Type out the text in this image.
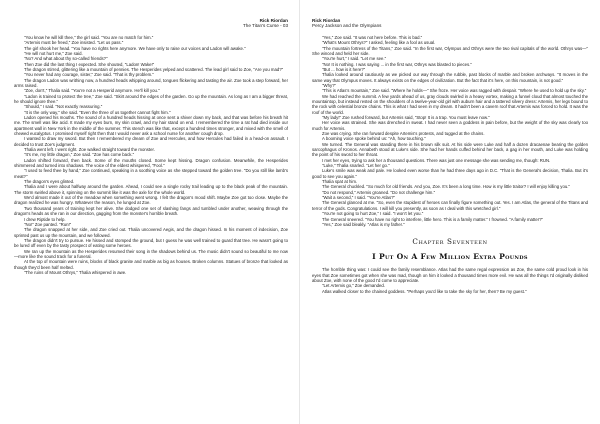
Rick Riordan
The Titan's Curse - 03

"You know he will kill thee," the girl said. "You are no match for him."

"Artemis must be freed," Zoe insisted. "Let us pass."

The girl shook her head. "You have no rights here anymore. We have only to raise our voices and Ladon will awake."

"He will not hurt me," Zoe said.

"No? And what about thy so-called friends?"

Then Zoe did the last thing I expected. She shouted, "Ladon! Wake!"

The dragon stirred, glittering like a mountain of pennies. The Hesperides yelped and scattered. The lead girl said to Zoe, "Are you mad?"

"You never had any courage, sister," Zoe said. "That is thy problem."

The dragon Ladon was writhing now, a hundred heads whipping around, tongues flickering and tasting the air. Zoe took a step forward, her arms raised.

"Zoe, don't," Thalia said. "You're not a Hesperid anymore. He'll kill you."

"Ladon is trained to protect the tree," Zoe said. "Skirt around the edges of the garden. Go up the mountain. As long as I am a bigger threat, he should ignore thee."

"Should," I said. "Not exactly reassuring."

"It is the only way," she said. "Even the three of us together cannot fight him."

Ladon opened his mouths. The sound of a hundred heads hissing at once sent a shiver down my back, and that was before his breath hit me. The smell was like acid. It made my eyes burn, my skin crawl, and my hair stand on end. I remembered the time a rat had died inside our apartment wall in New York in the middle of the summer. This stench was like that, except a hundred times stronger, and mixed with the smell of chewed eucalyptus. I promised myself right then that I would never ask a school nurse for another cough drop.

I wanted to draw my sword. But then I remembered my dream of Zoe and Hercules, and how Hercules had failed in a head-on assault. I decided to trust Zoe's judgment.

Thalia went left. I went right. Zoe walked straight toward the monster.

"It's me, my little dragon," Zoe said. "Zoe has come back."

Ladon shifted forward, then back. Some of the mouths closed. Some kept hissing. Dragon confusion. Meanwhile, the Hesperides shimmered and turned into shadows. The voice of the eldest whispered, "Fool."

"I used to feed thee by hand," Zoe continued, speaking in a soothing voice as she stepped toward the golden tree. "Do you still like lamb's meat?"

The dragon's eyes glinted.

Thalia and I were about halfway around the garden. Ahead, I could see a single rocky trail leading up to the black peak of the mountain. The storm swirled above it, spinning on the summit like it was the axle for the whole world.

We'd almost made it out of the meadow when something went wrong. I felt the dragon's mood shift. Maybe Zoe got too close. Maybe the dragon realized he was hungry. Whatever the reason, he lunged at Zoe.

Two thousand years of training kept her alive. She dodged one set of slashing fangs and tumbled under another, weaving through the dragon's heads as she ran in our direction, gagging from the monster's horrible breath.

I drew Riptide to help.

"No!" Zoe panted. "Run!"

The dragon snapped at her side, and Zoe cried out. Thalia uncovered Aegis, and the dragon hissed. In his moment of indecision, Zoe sprinted past us up the mountain, and we followed.

The dragon didn't try to pursue. He hissed and stomped the ground, but I guess he was well trained to guard that tree. He wasn't going to be lured off even by the tasty prospect of eating some heroes.

We ran up the mountain as the Hesperides resumed their song in the shadows behind us. The music didn't sound so beautiful to me now—more like the sound track for a funeral.

At the top of mountain were ruins, blocks of black granite and marble as big as houses. Broken columns. Statues of bronze that looked as though they'd been half melted.

"The ruins of Mount Othrys," Thalia whispered in awe.

Rick Riordan
Percy Jackson and the Olympians

"Yes," Zoe said. "It was not here before. This is bad."

"What's Mount Othrys?" I asked, feeling like a fool as usual.

"The mountain fortress of the Titans," Zoe said. "In the first war, Olympus and Othrys were the two rival capitals of the world. Othrys was—" She winced and held her side.

"You're hurt," I said. "Let me see."

"No! It is nothing. I was saying ... in the first war, Othrys was blasted to pieces."

"But ... how is it here?"

Thalia looked around cautiously as we picked our way through the rubble, past blocks of marble and broken archways. "It moves in the same way that Olympus moves. It always exists on the edges of civilization. But the fact that it's here, on this mountain, is not good."

"Why?"

"This is Atlas's mountain," Zoe said. "Where he holds—" She froze. Her voice was ragged with despair. "Where he used to hold up the sky."

We had reached the summit. A few yards ahead of us, gray clouds swirled in a heavy vortex, making a funnel cloud that almost touched the mountaintop, but instead rested on the shoulders of a twelve-year-old girl with auburn hair and a tattered silvery dress: Artemis, her legs bound to the rock with celestial bronze chains. This is what I had seen in my dream. It hadn't been a cavern roof that Artemis was forced to hold. It was the roof of the world.

"My lady!" Zoe rushed forward, but Artemis said, "Stop! It is a trap. You must leave now."

Her voice was strained. She was drenched in sweat. I had never seen a goddess in pain before, but the weight of the sky was clearly too much for Artemis.

Zoe was crying. She ran forward despite Artemis's protests, and tugged at the chains.

A booming voice spoke behind us: "Ah, how touching."

We turned. The General was standing there in his brown silk suit. At his side were Luke and half a dozen dracaenae bearing the golden sarcophagus of Kronos. Annabeth stood at Luke's side. She had her hands cuffed behind her back, a gag in her mouth, and Luke was holding the point of his sword to her throat.

I met her eyes, trying to ask her a thousand questions. There was just one message she was sending me, though: RUN.

"Luke," Thalia snarled. "Let her go."

Luke's smile was weak and pale. He looked even worse than he had three days ago in D.C. "That is the General's decision, Thalia. But it's good to see you again."

Thalia spat at him.

The General chuckled. "So much for old friends. And you, Zoe. It's been a long time. How is my little traitor? I will enjoy killing you."

"Do not respond," Artemis groaned. "Do not challenge him."

"Wait a second," I said. "You're Atlas?"

The General glanced at me. "So, even the stupidest of heroes can finally figure something out. Yes. I am Atlas, the general of the Titans and terror of the gods. Congratulations. I will kill you presently, as soon as I deal with this wretched girl."

"You're not going to hurt Zoe," I said. "I won't let you."

The General sneered. "You have no right to interfere, little hero. This is a family matter." I frowned. "A family matter?"

"Yes," Zoe said bleakly. "Atlas is my father."

Chapter Seventeen
I Put On A Few Million Extra Pounds

The horrible thing was: I could see the family resemblance. Atlas had the same regal expression as Zoe, the same cold proud look in his eyes that Zoe sometimes got when she was mad, though on him it looked a thousand times more evil. He was all the things I'd originally disliked about Zoe, with none of the good I'd come to appreciate.

"Let Artemis go," Zoe demanded.

Atlas walked closer to the chained goddess. "Perhaps you'd like to take the sky for her, then? Be my guest."
